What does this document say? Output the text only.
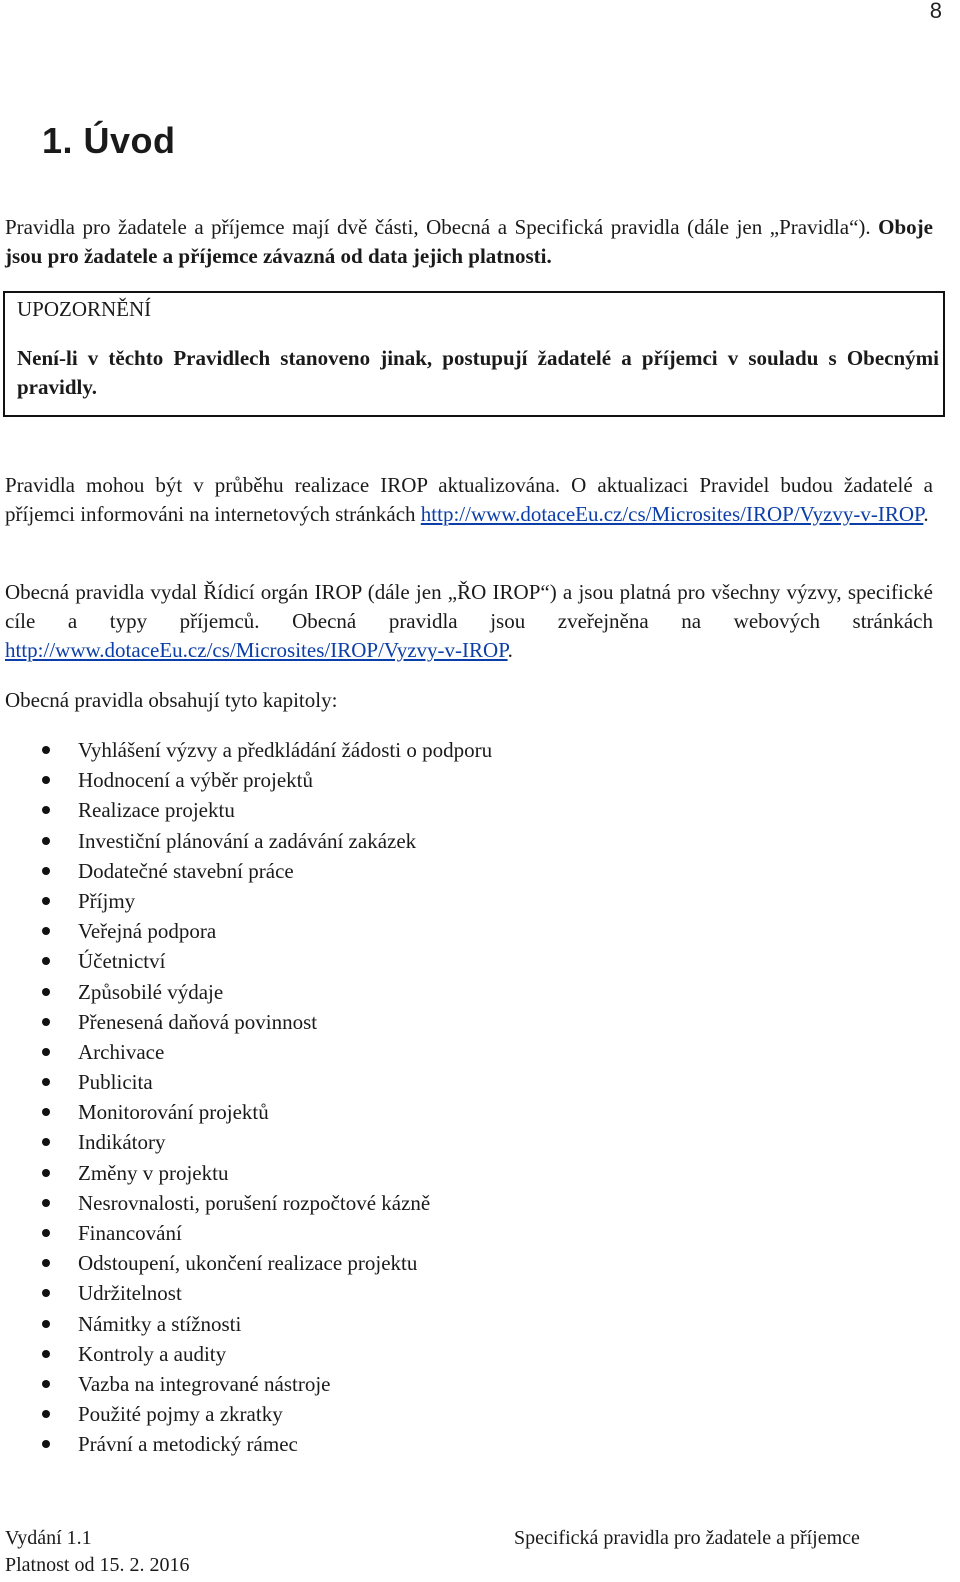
8
1. Úvod

Pravidla pro žadatele a příjemce mají dvě části, Obecná a Specifická pravidla (dále jen „Pravidla“). Oboje jsou pro žadatele a příjemce závazná od data jejich platnosti.

UPOZORNĚNÍ

Není-li v těchto Pravidlech stanoveno jinak, postupují žadatelé a příjemci v souladu s Obecnými pravidly.

Pravidla mohou být v průběhu realizace IROP aktualizována. O aktualizaci Pravidel budou žadatelé a příjemci informováni na internetových stránkách http://www.dotaceEu.cz/cs/Microsites/IROP/Vyzvy-v-IROP.

Obecná pravidla vydal Řídicí orgán IROP (dále jen „ŘO IROP“) a jsou platná pro všechny výzvy, specifické cíle a typy příjemců. Obecná pravidla jsou zveřejněna na webových stránkách http://www.dotaceEu.cz/cs/Microsites/IROP/Vyzvy-v-IROP.

Obecná pravidla obsahují tyto kapitoly:

Vyhlášení výzvy a předkládání žádosti o podporu
Hodnocení a výběr projektů
Realizace projektu
Investiční plánování a zadávání zakázek
Dodatečné stavební práce
Příjmy
Veřejná podpora
Účetnictví
Způsobilé výdaje
Přenesená daňová povinnost
Archivace
Publicita
Monitorování projektů
Indikátory
Změny v projektu
Nesrovnalosti, porušení rozpočtové kázně
Financování
Odstoupení, ukončení realizace projektu
Udržitelnost
Námitky a stížnosti
Kontroly a audity
Vazba na integrované nástroje
Použité pojmy a zkratky
Právní a metodický rámec
Vydání 1.1
Platnost od 15. 2. 2016
Specifická pravidla pro žadatele a příjemce
